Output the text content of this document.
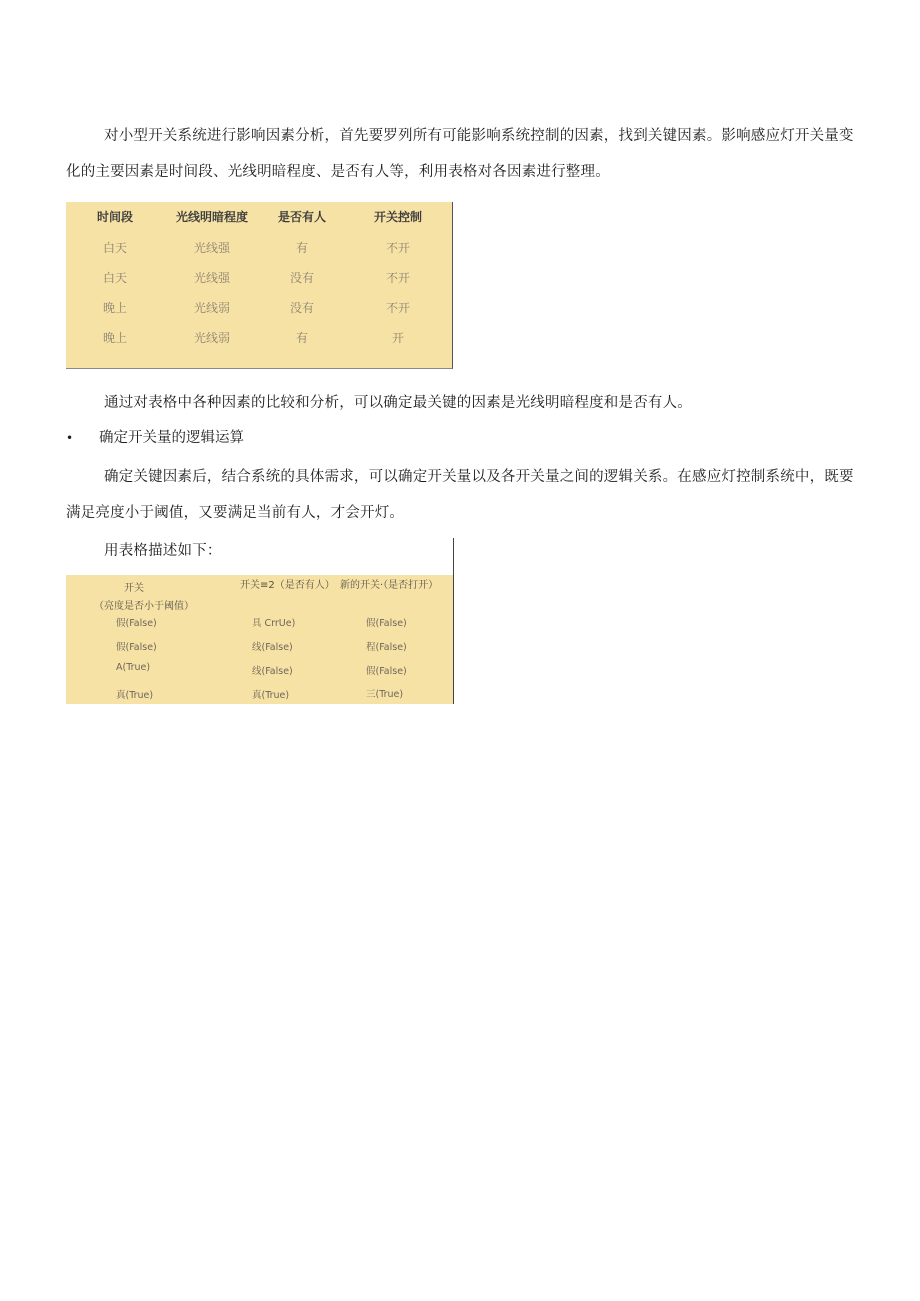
对小型开关系统进行影响因素分析，首先要罗列所有可能影响系统控制的因素，找到关键因素。影响感应灯开关量变化的主要因素是时间段、光线明暗程度、是否有人等，利用表格对各因素进行整理。

时间段	光线明暗程度	是否有人	开关控制
白天	光线强	有	不开
白天	光线强	没有	不开
晚上	光线弱	没有	不开
晚上	光线弱	有	开

通过对表格中各种因素的比较和分析，可以确定最关键的因素是光线明暗程度和是否有人。

• 确定开关量的逻辑运算

确定关键因素后，结合系统的具体需求，可以确定开关量以及各开关量之间的逻辑关系。在感应灯控制系统中，既要满足亮度小于阈值，又要满足当前有人，才会开灯。

用表格描述如下：

开关
（亮度是否小于阈值）
开关≡2（是否有人） 新的开关·（是否打开）
假(False)	具 CrrUe)	假(False)
假(False)	线(False)	程(False)
A(True)	线(False)	假(False)
真(True)	真(True)	三(True)
